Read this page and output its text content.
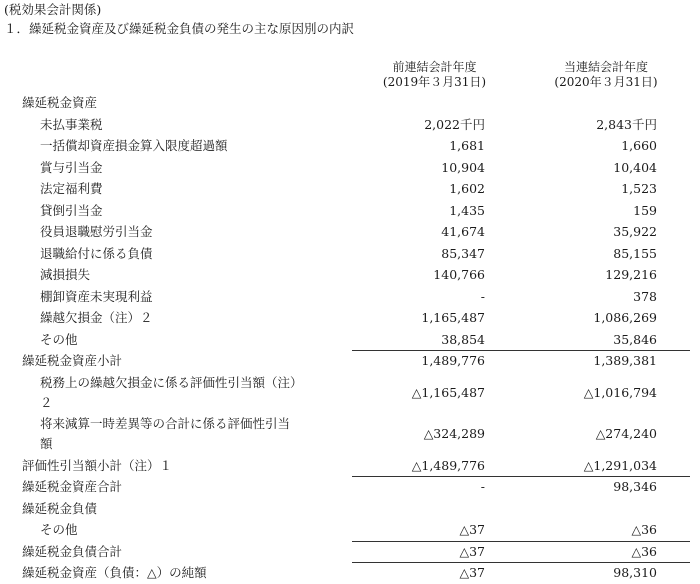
(税効果会計関係)
１．繰延税金資産及び繰延税金負債の発生の主な原因別の内訳
前連結会計年度
(2019年３月31日)
当連結会計年度
(2020年３月31日)
繰延税金資産
未払事業税	2,022千円	2,843千円
一括償却資産損金算入限度超過額	1,681	1,660
賞与引当金	10,904	10,404
法定福利費	1,602	1,523
貸倒引当金	1,435	159
役員退職慰労引当金	41,674	35,922
退職給付に係る負債	85,347	85,155
減損損失	140,766	129,216
棚卸資産未実現利益	-	378
繰越欠損金（注）２	1,165,487	1,086,269
その他	38,854	35,846
繰延税金資産小計	1,489,776	1,389,381
税務上の繰越欠損金に係る評価性引当額（注）２
△1,165,487	△1,016,794
将来減算一時差異等の合計に係る評価性引当額
△324,289	△274,240
評価性引当額小計（注）１	△1,489,776	△1,291,034
繰延税金資産合計	-	98,346
繰延税金負債
その他	△37	△36
繰延税金負債合計	△37	△36
繰延税金資産（負債：△）の純額	△37	98,310
